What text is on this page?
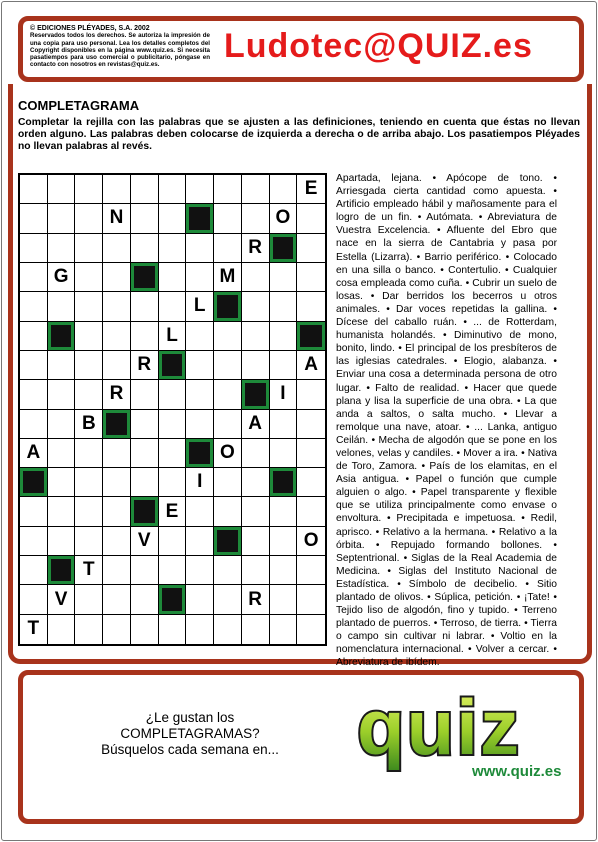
© EDICIONES PLÉYADES, S.A. 2002
Reservados todos los derechos. Se autoriza la impresión de una copia para uso personal. Lea los detalles completos del Copyright disponibles en la página www.quiz.es. Si necesita pasatiempos para uso comercial o publicitario, póngase en contacto con nosotros en revistas@quiz.es.	Ludotec@QUIZ.es
COMPLETAGRAMA
Completar la rejilla con las palabras que se ajusten a las definiciones, teniendo en cuenta que éstas no llevan orden alguno. Las palabras deben colocarse de izquierda a derecha o de arriba abajo. Los pasatiempos Pléyades no llevan palabras al revés.
E
N	O
R
G	M
L
L
R	A
R	I
B	A
A	O
I
E
V	O
T
V	R
T
Apartada, lejana. • Apócope de tono. • Arriesgada cierta cantidad como apuesta. • Artificio empleado hábil y mañosamente para el logro de un fin. • Autómata. • Abreviatura de Vuestra Excelencia. • Afluente del Ebro que nace en la sierra de Cantabria y pasa por Estella (Lizarra). • Barrio periférico. • Colocado en una silla o banco. • Contertulio. • Cualquier cosa empleada como cuña. • Cubrir un suelo de losas. • Dar berridos los becerros u otros animales. • Dar voces repetidas la gallina. • Dícese del caballo ruán. • ... de Rotterdam, humanista holandés. • Diminutivo de mono, bonito, lindo. • El principal de los presbíteros de las iglesias catedrales. • Elogio, alabanza. • Enviar una cosa a determinada persona de otro lugar. • Falto de realidad. • Hacer que quede plana y lisa la superficie de una obra. • La que anda a saltos, o salta mucho. • Llevar a remolque una nave, atoar. • ... Lanka, antiguo Ceilán. • Mecha de algodón que se pone en los velones, velas y candiles. • Mover a ira. • Nativa de Toro, Zamora. • País de los elamitas, en el Asia antigua. • Papel o función que cumple alguien o algo. • Papel transparente y flexible que se utiliza principalmente como envase o envoltura. • Precipitada e impetuosa. • Redil, aprisco. • Relativo a la hermana. • Relativo a la órbita. • Repujado formando bollones. • Septentrional. • Siglas de la Real Academia de Medicina. • Siglas del Instituto Nacional de Estadística. • Símbolo de decibelio. • Sitio plantado de olivos. • Súplica, petición. • ¡Tate! • Tejido liso de algodón, fino y tupido. • Terreno plantado de puerros. • Terroso, de tierra. • Tierra o campo sin cultivar ni labrar. • Voltio en la nomenclatura internacional. • Volver a cercar. • Abreviatura de ibídem.
¿Le gustan los
COMPLETAGRAMAS?
Búsquelos cada semana en... quiz
www.quiz.es
